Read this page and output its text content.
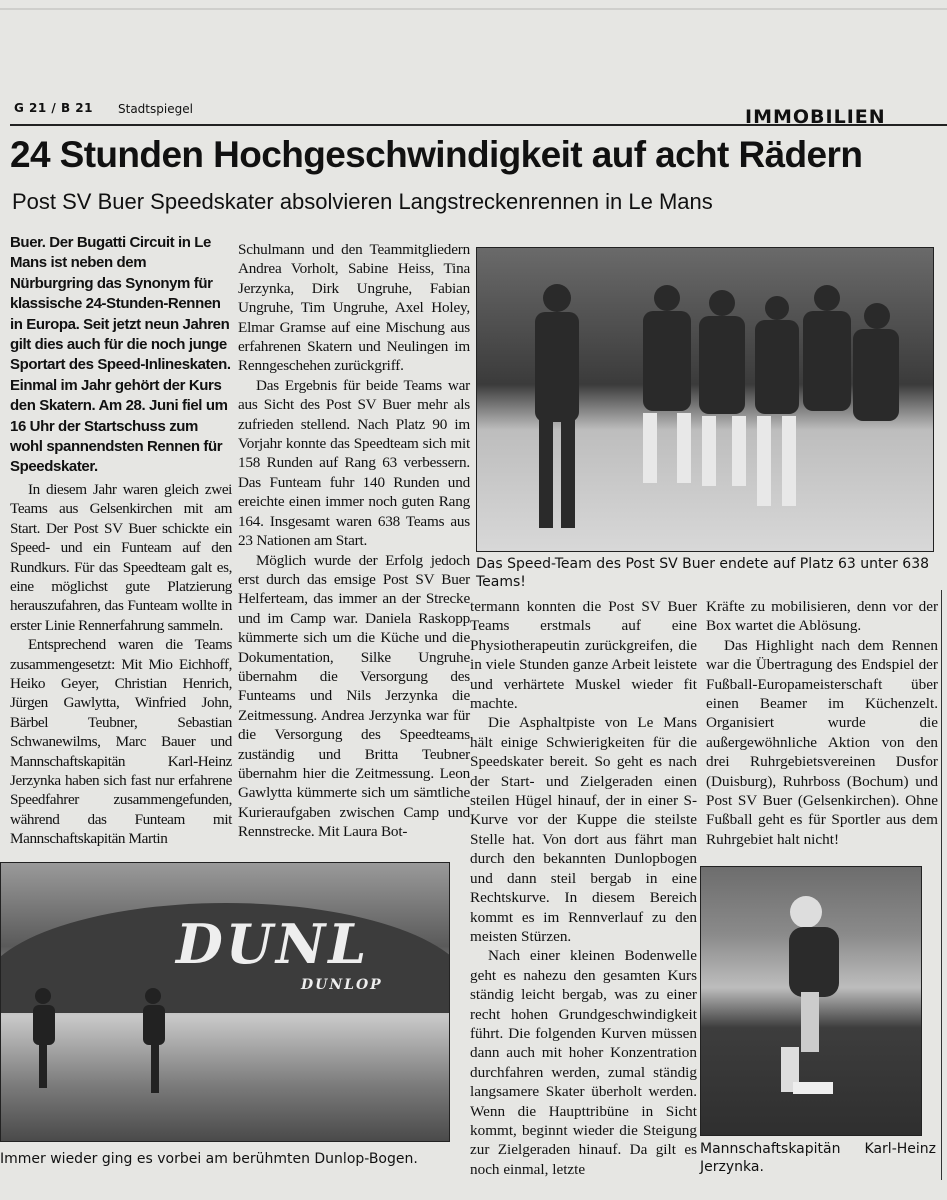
G 21 / B 21 Stadtspiegel	IMMOBILIEN
24 Stunden Hochgeschwindigkeit auf acht Rädern
Post SV Buer Speedskater absolvieren Langstreckenrennen in Le Mans

Buer. Der Bugatti Circuit in Le Mans ist neben dem Nürburgring das Synonym für klassische 24-Stunden-Rennen in Europa. Seit jetzt neun Jahren gilt dies auch für die noch junge Sportart des Speed-Inlineskaten. Einmal im Jahr gehört der Kurs den Skatern. Am 28. Juni fiel um 16 Uhr der Startschuss zum wohl spannendsten Rennen für Speedskater.

In diesem Jahr waren gleich zwei Teams aus Gelsenkirchen mit am Start. Der Post SV Buer schickte ein Speed- und ein Funteam auf den Rundkurs. Für das Speedteam galt es, eine möglichst gute Platzierung herauszufahren, das Funteam wollte in erster Linie Rennerfahrung sammeln.

Entsprechend waren die Teams zusammengesetzt: Mit Mio Eichhoff, Heiko Geyer, Christian Henrich, Jürgen Gawlytta, Winfried John, Bärbel Teubner, Sebastian Schwanewilms, Marc Bauer und Mannschaftskapitän Karl-Heinz Jerzynka haben sich fast nur erfahrene Speedfahrer zusammengefunden, während das Funteam mit Mannschaftskapitän Martin

Schulmann und den Teammitgliedern Andrea Vorholt, Sabine Heiss, Tina Jerzynka, Dirk Ungruhe, Fabian Ungruhe, Tim Ungruhe, Axel Holey, Elmar Gramse auf eine Mischung aus erfahrenen Skatern und Neulingen im Renngeschehen zurückgriff.

Das Ergebnis für beide Teams war aus Sicht des Post SV Buer mehr als zufrieden stellend. Nach Platz 90 im Vorjahr konnte das Speedteam sich mit 158 Runden auf Rang 63 verbessern. Das Funteam fuhr 140 Runden und ereichte einen immer noch guten Rang 164. Insgesamt waren 638 Teams aus 23 Nationen am Start.

Möglich wurde der Erfolg jedoch erst durch das emsige Post SV Buer Helferteam, das immer an der Strecke und im Camp war. Daniela Raskopp kümmerte sich um die Küche und die Dokumentation, Silke Ungruhe übernahm die Versorgung des Funteams und Nils Jerzynka die Zeitmessung. Andrea Jerzynka war für die Versorgung des Speedteams zuständig und Britta Teubner übernahm hier die Zeitmessung. Leon Gawlytta kümmerte sich um sämtliche Kurieraufgaben zwischen Camp und Rennstrecke. Mit Laura Bot-

Das Speed-Team des Post SV Buer endete auf Platz 63 unter 638 Teams!

termann konnten die Post SV Buer Teams erstmals auf eine Physiotherapeutin zurückgreifen, die in viele Stunden ganze Arbeit leistete und verhärtete Muskel wieder fit machte.

Die Asphaltpiste von Le Mans hält einige Schwierigkeiten für die Speedskater bereit. So geht es nach der Start- und Zielgeraden einen steilen Hügel hinauf, der in einer S-Kurve vor der Kuppe die steilste Stelle hat. Von dort aus fährt man durch den bekannten Dunlopbogen und dann steil bergab in eine Rechtskurve. In diesem Bereich kommt es im Rennverlauf zu den meisten Stürzen.

Nach einer kleinen Bodenwelle geht es nahezu den gesamten Kurs ständig leicht bergab, was zu einer recht hohen Grundgeschwindigkeit führt. Die folgenden Kurven müssen dann auch mit hoher Konzentration durchfahren werden, zumal ständig langsamere Skater überholt werden. Wenn die Haupttribüne in Sicht kommt, beginnt wieder die Steigung zur Zielgeraden hinauf. Da gilt es noch einmal, letzte

Kräfte zu mobilisieren, denn vor der Box wartet die Ablösung.

Das Highlight nach dem Rennen war die Übertragung des Endspiel der Fußball-Europameisterschaft über einen Beamer im Küchenzelt. Organisiert wurde die außergewöhnliche Aktion von den drei Ruhrgebietsvereinen Dusfor (Duisburg), Ruhrboss (Bochum) und Post SV Buer (Gelsenkirchen). Ohne Fußball geht es für Sportler aus dem Ruhrgebiet halt nicht!

DUNL
DUNLOP
Immer wieder ging es vorbei am berühmten Dunlop-Bogen.
Mannschaftskapitän Karl-Heinz Jerzynka.
